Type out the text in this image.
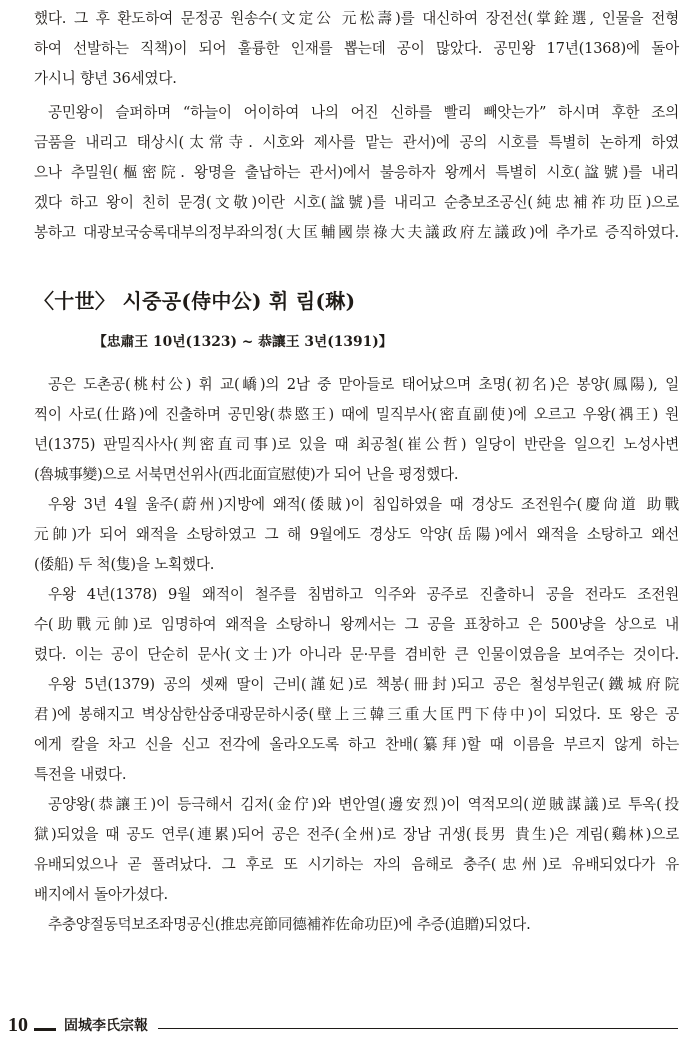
했다. 그 후 환도하여 문정공 원송수(文定公 元松壽)를 대신하여 장전선(掌銓選, 인물을 전형
하여 선발하는 직책)이 되어 훌륭한 인재를 뽑는데 공이 많았다. 공민왕 17년(1368)에 돌아
가시니 향년 36세였다.
공민왕이 슬퍼하며 “하늘이 어이하여 나의 어진 신하를 빨리 빼앗는가” 하시며 후한 조의
금품을 내리고 태상시(太常寺. 시호와 제사를 맡는 관서)에 공의 시호를 특별히 논하게 하였
으나 추밀원(樞密院. 왕명을 출납하는 관서)에서 불응하자 왕께서 특별히 시호(諡號)를 내리
겠다 하고 왕이 친히 문경(文敬)이란 시호(諡號)를 내리고 순충보조공신(純忠補祚功臣)으로
봉하고 대광보국숭록대부의정부좌의정(大匡輔國崇祿大夫議政府左議政)에 추가로 증직하였다.
〈十世〉 시중공(侍中公) 휘 림(琳)
【忠肅王 10년(1323) ~ 恭讓王 3년(1391)】
공은 도촌공(桃村公) 휘 교(嶠)의 2남 중 맏아들로 태어났으며 초명(初名)은 봉양(鳳陽), 일
찍이 사로(仕路)에 진출하며 공민왕(恭愍王) 때에 밀직부사(密直副使)에 오르고 우왕(禑王) 원
년(1375) 판밀직사사(判密直司事)로 있을 때 최공철(崔公哲) 일당이 반란을 일으킨 노성사변
(魯城事變)으로 서북면선위사(西北面宣慰使)가 되어 난을 평정했다.
우왕 3년 4월 울주(蔚州)지방에 왜적(倭賊)이 침입하였을 때 경상도 조전원수(慶尙道 助戰
元帥)가 되어 왜적을 소탕하였고 그 해 9월에도 경상도 악양(岳陽)에서 왜적을 소탕하고 왜선
(倭船) 두 척(隻)을 노획했다.
우왕 4년(1378) 9월 왜적이 철주를 침범하고 익주와 공주로 진출하니 공을 전라도 조전원
수(助戰元帥)로 임명하여 왜적을 소탕하니 왕께서는 그 공을 표창하고 은 500냥을 상으로 내
렸다. 이는 공이 단순히 문사(文士)가 아니라 문·무를 겸비한 큰 인물이였음을 보여주는 것이다.
우왕 5년(1379) 공의 셋째 딸이 근비(謹妃)로 책봉(冊封)되고 공은 철성부원군(鐵城府院
君)에 봉해지고 벽상삼한삼중대광문하시중(壁上三韓三重大匡門下侍中)이 되었다. 또 왕은 공
에게 칼을 차고 신을 신고 전각에 올라오도록 하고 찬배(纂拜)할 때 이름을 부르지 않게 하는
특전을 내렸다.
공양왕(恭讓王)이 등극해서 김저(金佇)와 변안열(邊安烈)이 역적모의(逆賊謀議)로 투옥(投
獄)되었을 때 공도 연루(連累)되어 공은 전주(全州)로 장남 귀생(長男 貴生)은 계림(鷄林)으로
유배되었으나 곧 풀려났다. 그 후로 또 시기하는 자의 음해로 충주(忠州)로 유배되었다가 유
배지에서 돌아가셨다.
추충양절동덕보조좌명공신(推忠亮節同德補祚佐命功臣)에 추증(追贈)되었다.
10	固城李氏宗報
